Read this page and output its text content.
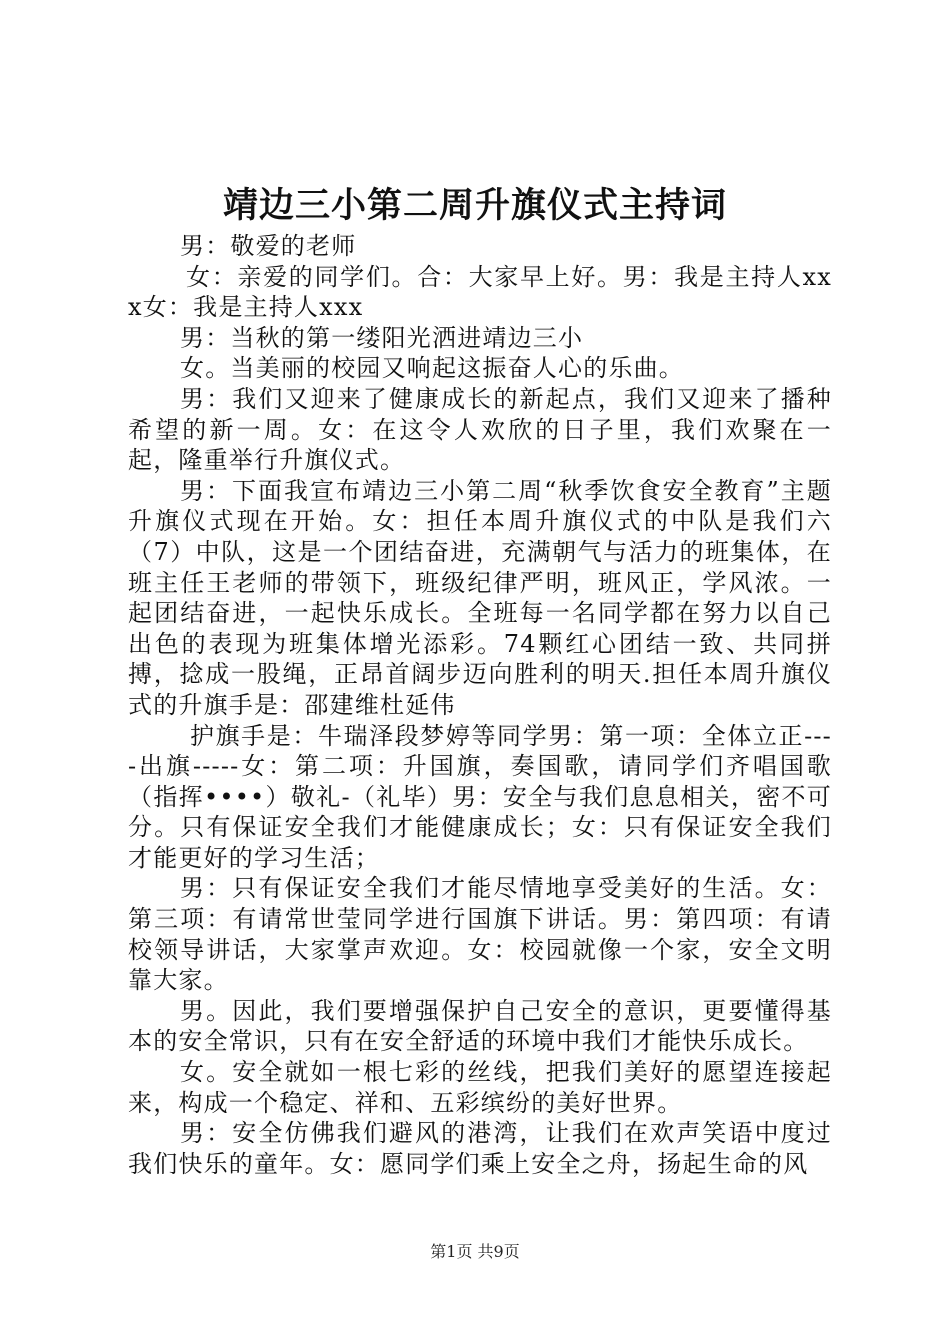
靖边三小第二周升旗仪式主持词

男：敬爱的老师

女：亲爱的同学们。合：大家早上好。男：我是主持人xxx女：我是主持人xxx

男：当秋的第一缕阳光洒进靖边三小

女。当美丽的校园又响起这振奋人心的乐曲。

男：我们又迎来了健康成长的新起点，我们又迎来了播种希望的新一周。女：在这令人欢欣的日子里，我们欢聚在一起，隆重举行升旗仪式。

男：下面我宣布靖边三小第二周“秋季饮食安全教育”主题升旗仪式现在开始。女：担任本周升旗仪式的中队是我们六（7）中队，这是一个团结奋进，充满朝气与活力的班集体，在班主任王老师的带领下，班级纪律严明，班风正，学风浓。一起团结奋进，一起快乐成长。全班每一名同学都在努力以自己出色的表现为班集体增光添彩。74颗红心团结一致、共同拼搏，捻成一股绳，正昂首阔步迈向胜利的明天.担任本周升旗仪式的升旗手是：邵建维杜延伟

护旗手是：牛瑞泽段梦婷等同学男：第一项：全体立正----出旗-----女：第二项：升国旗，奏国歌，请同学们齐唱国歌（指挥••••）敬礼-（礼毕）男：安全与我们息息相关，密不可分。只有保证安全我们才能健康成长；女：只有保证安全我们才能更好的学习生活；

男：只有保证安全我们才能尽情地享受美好的生活。女：第三项：有请常世莹同学进行国旗下讲话。男：第四项：有请校领导讲话，大家掌声欢迎。女：校园就像一个家，安全文明靠大家。

男。因此，我们要增强保护自己安全的意识，更要懂得基本的安全常识，只有在安全舒适的环境中我们才能快乐成长。

女。安全就如一根七彩的丝线，把我们美好的愿望连接起来，构成一个稳定、祥和、五彩缤纷的美好世界。

男：安全仿佛我们避风的港湾，让我们在欢声笑语中度过我们快乐的童年。女：愿同学们乘上安全之舟，扬起生命的风

第1页 共9页
